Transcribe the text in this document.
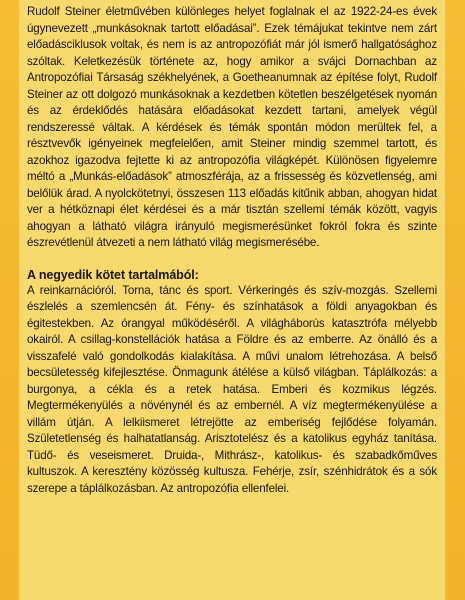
Rudolf Steiner életművében különleges helyet foglalnak el az 1922-24-es évek úgynevezett „munkásoknak tartott előadásai”. Ezek témájukat tekintve nem zárt előadásciklusok voltak, és nem is az antropozófiát már jól ismerő hallgatósághoz szóltak. Keletkezésük története az, hogy amikor a svájci Dornachban az Antropozófiai Társaság székhelyének, a Goetheanumnak az építése folyt, Rudolf Steiner az ott dolgozó munkásoknak a kezdetben kötetlen beszélgetések nyomán és az érdeklődés hatására előadásokat kezdett tartani, amelyek végül rendszeressé váltak. A kérdések és témák spontán módon merültek fel, a résztvevők igényeinek megfelelően, amit Steiner mindig szemmel tartott, és azokhoz igazodva fejtette ki az antropozófia világképét. Különösen figyelemre méltó a „Munkás-előadások” atmoszférája, az a frissesség és közvetlenség, ami belőlük árad. A nyolckötetnyi, összesen 113 előadás kitűnik abban, ahogyan hidat ver a hétköznapi élet kérdései és a már tisztán szellemi témák között, vagyis ahogyan a látható világra irányuló megismerésünket fokról fokra és szinte észrevétlenül átvezeti a nem látható világ megismerésébe.

A negyedik kötet tartalmából:

A reinkarnációról. Torna, tánc és sport. Vérkeringés és szív-mozgás. Szellemi észlelés a szemlencsén át. Fény- és színhatások a földi anyagokban és égitestekben. Az órangyal működéséről. A világháborús katasztrófa mélyebb okairól. A csillag-konstellációk hatása a Földre és az emberre. Az önálló és a visszafelé való gondolkodás kialakítása. A művi unalom létrehozása. A belső becsületesség kifejlesztése. Önmagunk átélése a külső világban. Táplálkozás: a burgonya, a cékla és a retek hatása. Emberi és kozmikus légzés. Megtermékenyülés a növénynél és az embernél. A víz megtermékenyülése a villám útján. A lelkiismeret létrejötte az emberiség fejlődése folyamán. Születetlenség és halhatatlanság. Arisztotelész és a katolikus egyház tanítása. Tüdő- és veseismeret. Druida-, Mithrász-, katolikus- és szabadkőműves kultuszok. A keresztény közösség kultusza. Fehérje, zsír, szénhidrátok és a sók szerepe a táplálkozásban. Az antropozófia ellenfelei.
